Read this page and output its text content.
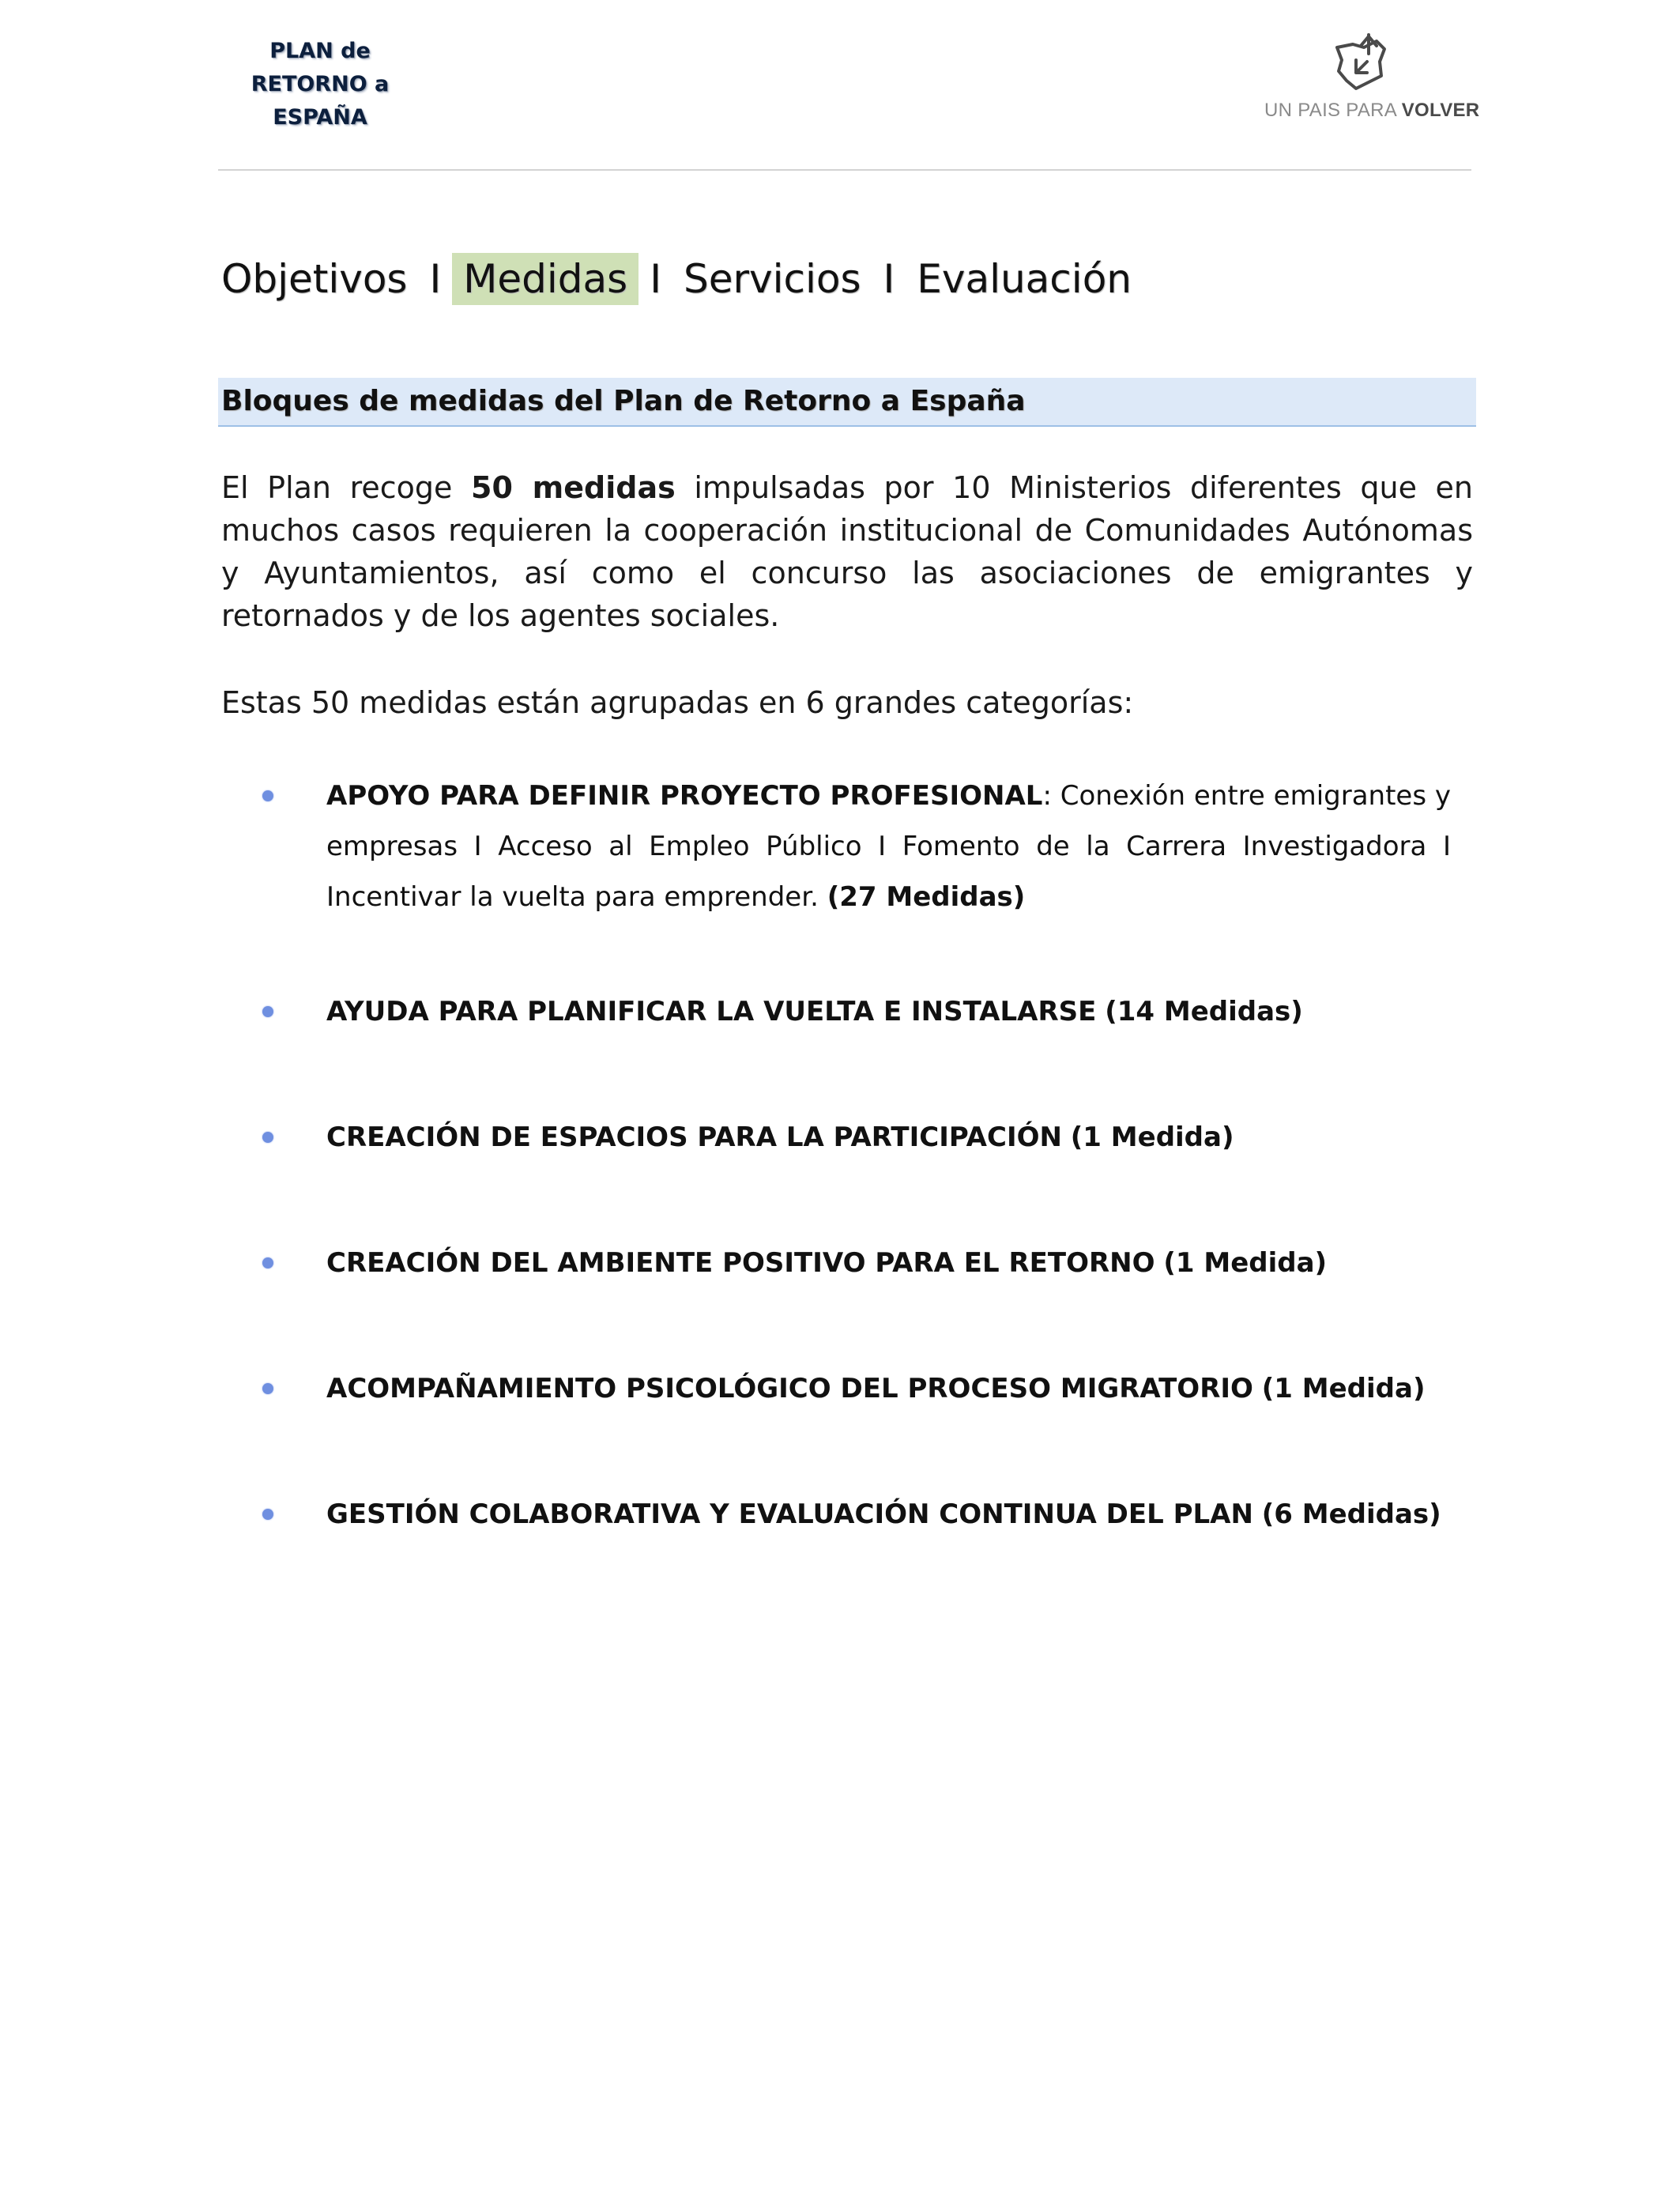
PLAN de
RETORNO a
ESPAÑA	UN PAIS PARA VOLVER
Objetivos I Medidas I Servicios I Evaluación
Bloques de medidas del Plan de Retorno a España
El Plan recoge 50 medidas impulsadas por 10 Ministerios diferentes que en muchos casos requieren la cooperación institucional de Comunidades Autónomas y Ayuntamientos, así como el concurso las asociaciones de emigrantes y retornados y de los agentes sociales.
Estas 50 medidas están agrupadas en 6 grandes categorías:
APOYO PARA DEFINIR PROYECTO PROFESIONAL: Conexión entre emigrantes y empresas I Acceso al Empleo Público I Fomento de la Carrera Investigadora I Incentivar la vuelta para emprender. (27 Medidas)
AYUDA PARA PLANIFICAR LA VUELTA E INSTALARSE (14 Medidas)
CREACIÓN DE ESPACIOS PARA LA PARTICIPACIÓN (1 Medida)
CREACIÓN DEL AMBIENTE POSITIVO PARA EL RETORNO (1 Medida)
ACOMPAÑAMIENTO PSICOLÓGICO DEL PROCESO MIGRATORIO (1 Medida)
GESTIÓN COLABORATIVA Y EVALUACIÓN CONTINUA DEL PLAN (6 Medidas)
